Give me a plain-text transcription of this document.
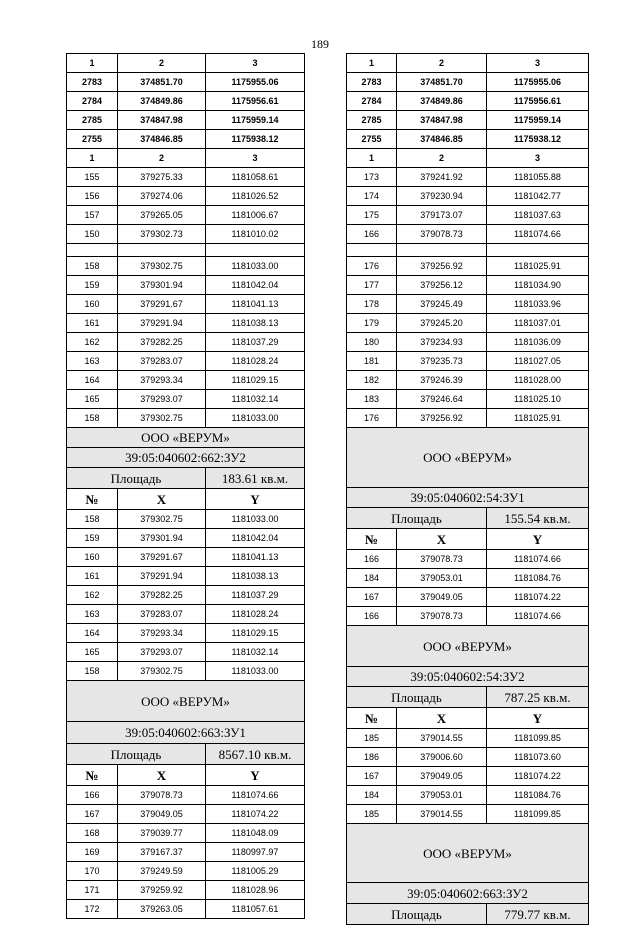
189
1	2	3
2783	374851.70	1175955.06
2784	374849.86	1175956.61
2785	374847.98	1175959.14
2755	374846.85	1175938.12
1	2	3
155	379275.33	1181058.61
156	379274.06	1181026.52
157	379265.05	1181006.67
150	379302.73	1181010.02

158	379302.75	1181033.00
159	379301.94	1181042.04
160	379291.67	1181041.13
161	379291.94	1181038.13
162	379282.25	1181037.29
163	379283.07	1181028.24
164	379293.34	1181029.15
165	379293.07	1181032.14
158	379302.75	1181033.00
ООО «ВЕРУМ»		
39:05:040602:662:ЗУ2		
Площадь		183.61 кв.м.
№	X	Y
158	379302.75	1181033.00
159	379301.94	1181042.04
160	379291.67	1181041.13
161	379291.94	1181038.13
162	379282.25	1181037.29
163	379283.07	1181028.24
164	379293.34	1181029.15
165	379293.07	1181032.14
158	379302.75	1181033.00
ООО «ВЕРУМ»		
39:05:040602:663:ЗУ1		
Площадь		8567.10 кв.м.
№	X	Y
166	379078.73	1181074.66
167	379049.05	1181074.22
168	379039.77	1181048.09
169	379167.37	1180997.97
170	379249.59	1181005.29
171	379259.92	1181028.96
172	379263.05	1181057.61
1	2	3
2783	374851.70	1175955.06
2784	374849.86	1175956.61
2785	374847.98	1175959.14
2755	374846.85	1175938.12
1	2	3
173	379241.92	1181055.88
174	379230.94	1181042.77
175	379173.07	1181037.63
166	379078.73	1181074.66

176	379256.92	1181025.91
177	379256.12	1181034.90
178	379245.49	1181033.96
179	379245.20	1181037.01
180	379234.93	1181036.09
181	379235.73	1181027.05
182	379246.39	1181028.00
183	379246.64	1181025.10
176	379256.92	1181025.91
ООО «ВЕРУМ»		
39:05:040602:54:ЗУ1		
Площадь		155.54 кв.м.
№	X	Y
166	379078.73	1181074.66
184	379053.01	1181084.76
167	379049.05	1181074.22
166	379078.73	1181074.66
ООО «ВЕРУМ»		
39:05:040602:54:ЗУ2		
Площадь		787.25 кв.м.
№	X	Y
185	379014.55	1181099.85
186	379006.60	1181073.60
167	379049.05	1181074.22
184	379053.01	1181084.76
185	379014.55	1181099.85
ООО «ВЕРУМ»		
39:05:040602:663:ЗУ2		
Площадь		779.77 кв.м.
